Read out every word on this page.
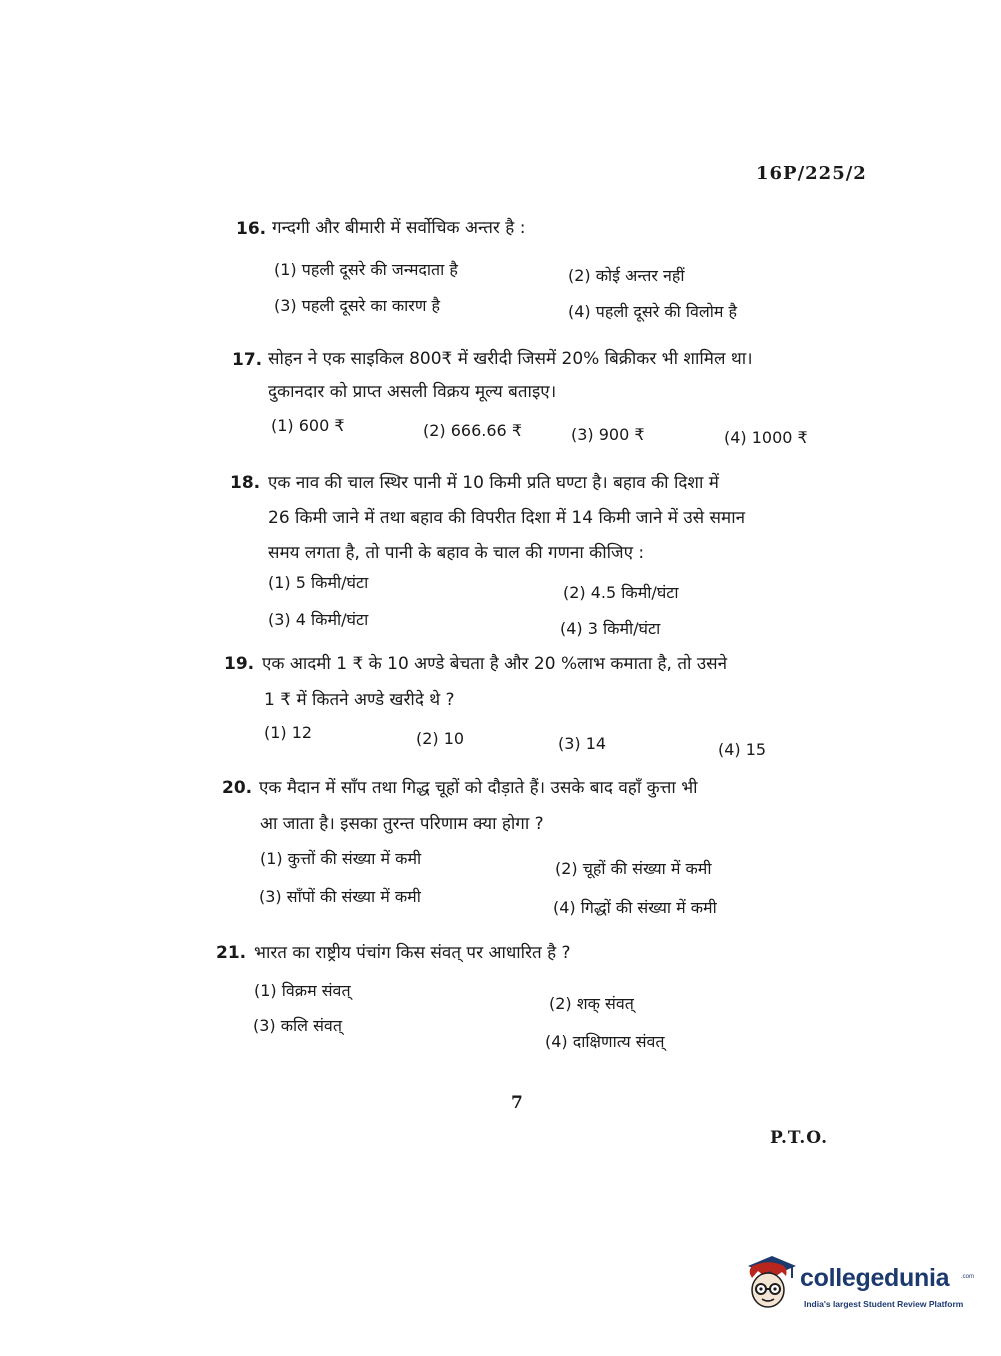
16P/225/2
16. गन्दगी और बीमारी में सर्वोचिक अन्तर है :
(1) पहली दूसरे की जन्मदाता है	(2) कोई अन्तर नहीं
(3) पहली दूसरे का कारण है	(4) पहली दूसरे की विलोम है
17. सोहन ने एक साइकिल 800₹ में खरीदी जिसमें 20% बिक्रीकर भी शामिल था।
दुकानदार को प्राप्त असली विक्रय मूल्य बताइए।
(1) 600 ₹	(2) 666.66 ₹	(3) 900 ₹	(4) 1000 ₹
18. एक नाव की चाल स्थिर पानी में 10 किमी प्रति घण्टा है। बहाव की दिशा में
26 किमी जाने में तथा बहाव की विपरीत दिशा में 14 किमी जाने में उसे समान
समय लगता है, तो पानी के बहाव के चाल की गणना कीजिए :
(1) 5 किमी/घंटा
(2) 4.5 किमी/घंटा
(3) 4 किमी/घंटा	(4) 3 किमी/घंटा
19. एक आदमी 1 ₹ के 10 अण्डे बेचता है और 20 %लाभ कमाता है, तो उसने
1 ₹ में कितने अण्डे खरीदे थे ?
(1) 12	(2) 10	(3) 14	(4) 15
20. एक मैदान में साँप तथा गिद्ध चूहों को दौड़ाते हैं। उसके बाद वहाँ कुत्ता भी
आ जाता है। इसका तुरन्त परिणाम क्या होगा ?
(1) कुत्तों की संख्या में कमी
(2) चूहों की संख्या में कमी
(3) साँपों की संख्या में कमी
(4) गिद्धों की संख्या में कमी
21. भारत का राष्ट्रीय पंचांग किस संवत् पर आधारित है ?
(1) विक्रम संवत्
(2) शक् संवत्
(3) कलि संवत्
(4) दाक्षिणात्य संवत्
7
P.T.O.
collegedunia .com
India's largest Student Review Platform
